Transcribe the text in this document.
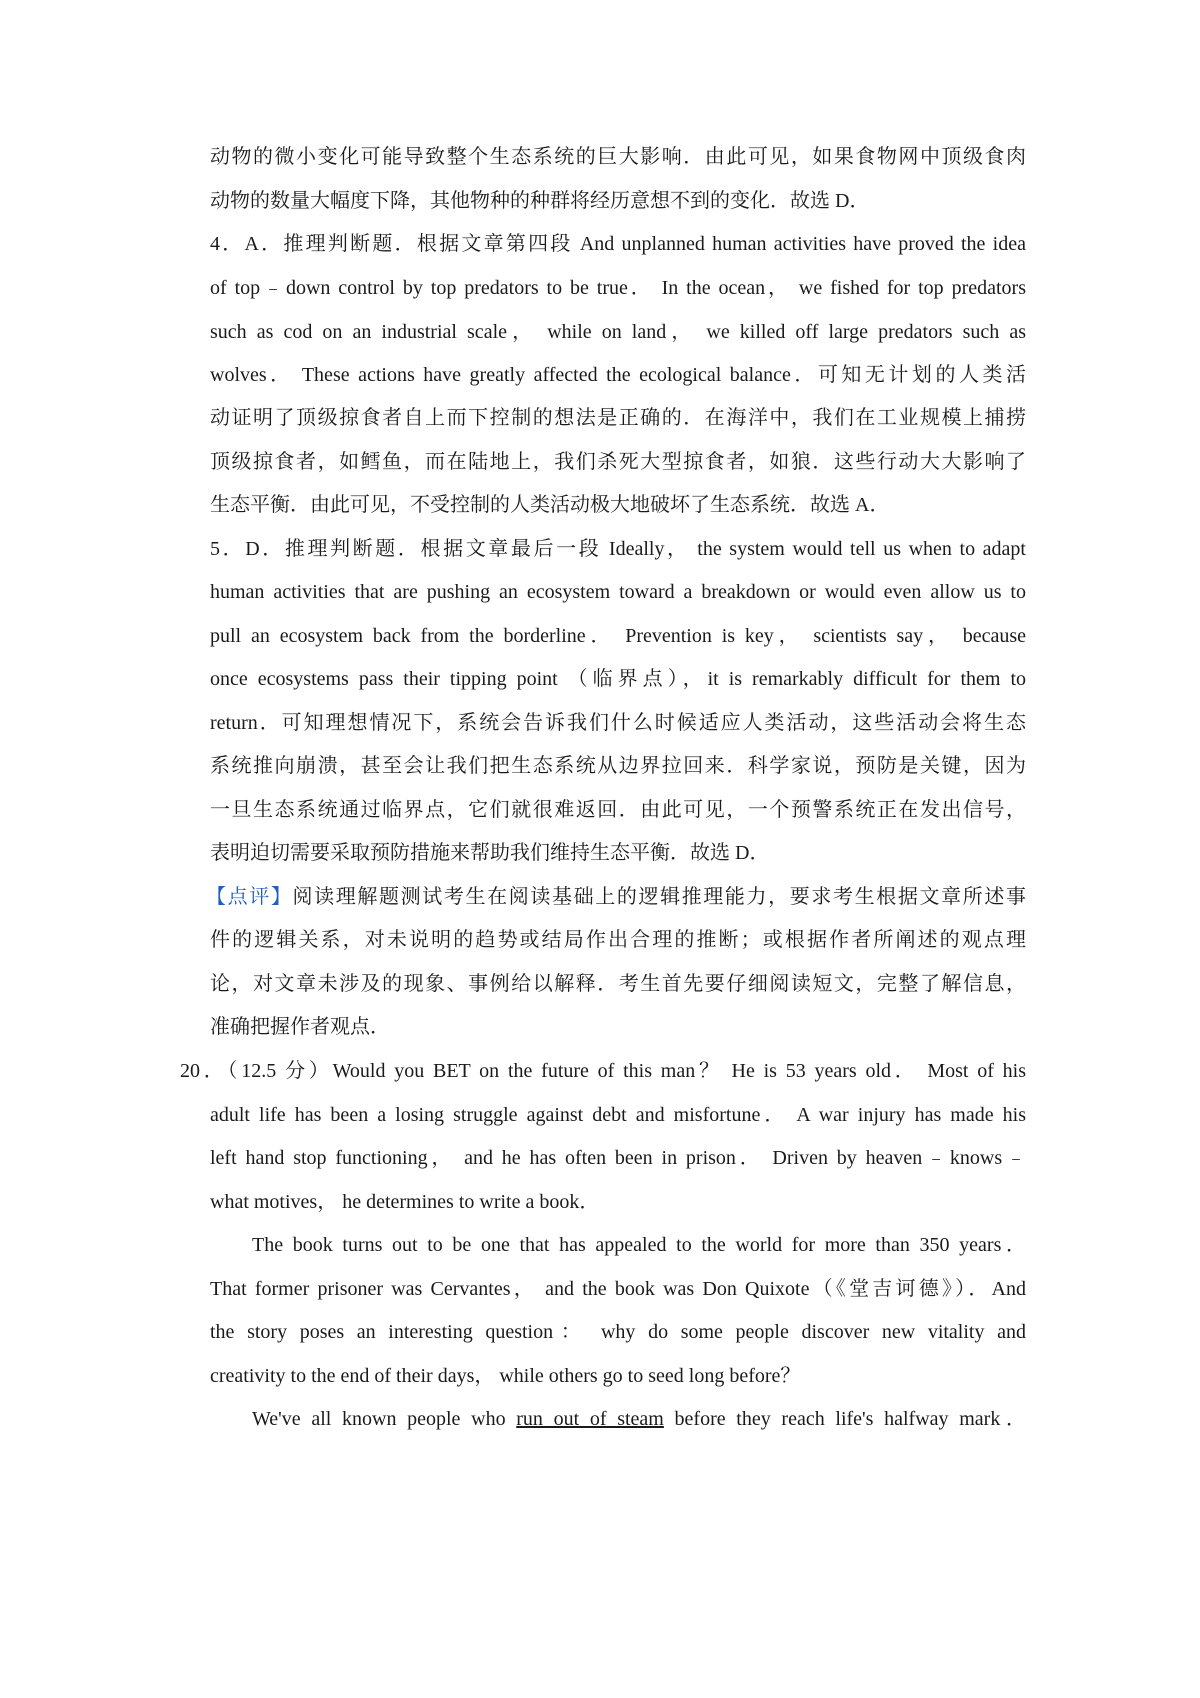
动物的微小变化可能导致整个生态系统的巨大影响．由此可见，如果食物网中顶级食肉
动物的数量大幅度下降，其他物种的种群将经历意想不到的变化．故选 D．
4．A．推理判断题．根据文章第四段 And unplanned human activities have proved the idea
of top﹣down control by top predators to be true． In the ocean， we fished for top predators
such as cod on an industrial scale， while on land， we killed off large predators such as
wolves． These actions have greatly affected the ecological balance．可知无计划的人类活
动证明了顶级掠食者自上而下控制的想法是正确的．在海洋中，我们在工业规模上捕捞
顶级掠食者，如鳕鱼，而在陆地上，我们杀死大型掠食者，如狼．这些行动大大影响了
生态平衡．由此可见，不受控制的人类活动极大地破坏了生态系统．故选 A．
5．D．推理判断题．根据文章最后一段 Ideally， the system would tell us when to adapt
human activities that are pushing an ecosystem toward a breakdown or would even allow us to
pull an ecosystem back from the borderline． Prevention is key， scientists say， because
once ecosystems pass their tipping point （临界点），it is remarkably difficult for them to
return．可知理想情况下，系统会告诉我们什么时候适应人类活动，这些活动会将生态
系统推向崩溃，甚至会让我们把生态系统从边界拉回来．科学家说，预防是关键，因为
一旦生态系统通过临界点，它们就很难返回．由此可见，一个预警系统正在发出信号，
表明迫切需要采取预防措施来帮助我们维持生态平衡．故选 D．
【点评】阅读理解题测试考生在阅读基础上的逻辑推理能力，要求考生根据文章所述事
件的逻辑关系，对未说明的趋势或结局作出合理的推断；或根据作者所阐述的观点理
论，对文章未涉及的现象、事例给以解释．考生首先要仔细阅读短文，完整了解信息，
准确把握作者观点．
20．（12.5 分）Would you BET on the future of this man？ He is 53 years old． Most of his
adult life has been a losing struggle against debt and misfortune． A war injury has made his
left hand stop functioning， and he has often been in prison． Driven by heaven﹣knows﹣
what motives， he determines to write a book．
The book turns out to be one that has appealed to the world for more than 350 years．
That former prisoner was Cervantes， and the book was Don Quixote（《堂吉诃德》）．And
the story poses an interesting question： why do some people discover new vitality and
creativity to the end of their days， while others go to seed long before？
We've all known people who run out of steam before they reach life's halfway mark．
